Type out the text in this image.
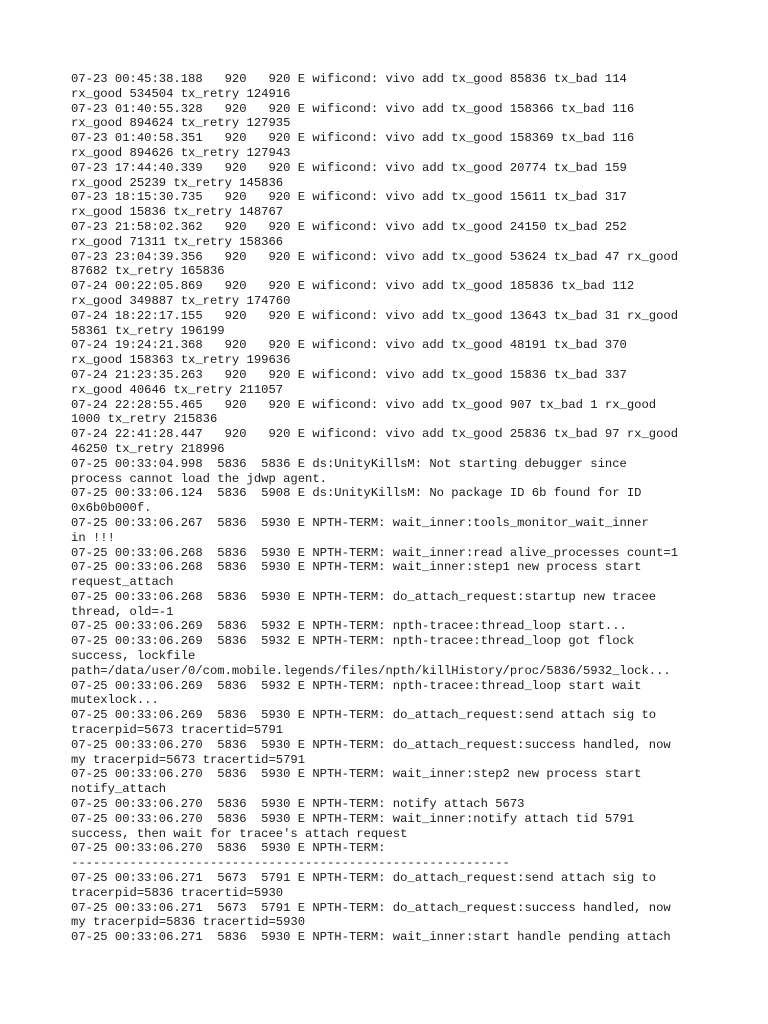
07-23 00:45:38.188   920   920 E wificond: vivo add tx_good 85836 tx_bad 114
rx_good 534504 tx_retry 124916
07-23 01:40:55.328   920   920 E wificond: vivo add tx_good 158366 tx_bad 116
rx_good 894624 tx_retry 127935
07-23 01:40:58.351   920   920 E wificond: vivo add tx_good 158369 tx_bad 116
rx_good 894626 tx_retry 127943
07-23 17:44:40.339   920   920 E wificond: vivo add tx_good 20774 tx_bad 159
rx_good 25239 tx_retry 145836
07-23 18:15:30.735   920   920 E wificond: vivo add tx_good 15611 tx_bad 317
rx_good 15836 tx_retry 148767
07-23 21:58:02.362   920   920 E wificond: vivo add tx_good 24150 tx_bad 252
rx_good 71311 tx_retry 158366
07-23 23:04:39.356   920   920 E wificond: vivo add tx_good 53624 tx_bad 47 rx_good
87682 tx_retry 165836
07-24 00:22:05.869   920   920 E wificond: vivo add tx_good 185836 tx_bad 112
rx_good 349887 tx_retry 174760
07-24 18:22:17.155   920   920 E wificond: vivo add tx_good 13643 tx_bad 31 rx_good
58361 tx_retry 196199
07-24 19:24:21.368   920   920 E wificond: vivo add tx_good 48191 tx_bad 370
rx_good 158363 tx_retry 199636
07-24 21:23:35.263   920   920 E wificond: vivo add tx_good 15836 tx_bad 337
rx_good 40646 tx_retry 211057
07-24 22:28:55.465   920   920 E wificond: vivo add tx_good 907 tx_bad 1 rx_good
1000 tx_retry 215836
07-24 22:41:28.447   920   920 E wificond: vivo add tx_good 25836 tx_bad 97 rx_good
46250 tx_retry 218996
07-25 00:33:04.998  5836  5836 E ds:UnityKillsM: Not starting debugger since
process cannot load the jdwp agent.
07-25 00:33:06.124  5836  5908 E ds:UnityKillsM: No package ID 6b found for ID
0x6b0b000f.
07-25 00:33:06.267  5836  5930 E NPTH-TERM: wait_inner:tools_monitor_wait_inner
in !!!
07-25 00:33:06.268  5836  5930 E NPTH-TERM: wait_inner:read alive_processes count=1
07-25 00:33:06.268  5836  5930 E NPTH-TERM: wait_inner:step1 new process start
request_attach
07-25 00:33:06.268  5836  5930 E NPTH-TERM: do_attach_request:startup new tracee
thread, old=-1
07-25 00:33:06.269  5836  5932 E NPTH-TERM: npth-tracee:thread_loop start...
07-25 00:33:06.269  5836  5932 E NPTH-TERM: npth-tracee:thread_loop got flock
success, lockfile
path=/data/user/0/com.mobile.legends/files/npth/killHistory/proc/5836/5932_lock...
07-25 00:33:06.269  5836  5932 E NPTH-TERM: npth-tracee:thread_loop start wait
mutexlock...
07-25 00:33:06.269  5836  5930 E NPTH-TERM: do_attach_request:send attach sig to
tracerpid=5673 tracertid=5791
07-25 00:33:06.270  5836  5930 E NPTH-TERM: do_attach_request:success handled, now
my tracerpid=5673 tracertid=5791
07-25 00:33:06.270  5836  5930 E NPTH-TERM: wait_inner:step2 new process start
notify_attach
07-25 00:33:06.270  5836  5930 E NPTH-TERM: notify attach 5673
07-25 00:33:06.270  5836  5930 E NPTH-TERM: wait_inner:notify attach tid 5791
success, then wait for tracee's attach request
07-25 00:33:06.270  5836  5930 E NPTH-TERM:
------------------------------------------------------------
07-25 00:33:06.271  5673  5791 E NPTH-TERM: do_attach_request:send attach sig to
tracerpid=5836 tracertid=5930
07-25 00:33:06.271  5673  5791 E NPTH-TERM: do_attach_request:success handled, now
my tracerpid=5836 tracertid=5930
07-25 00:33:06.271  5836  5930 E NPTH-TERM: wait_inner:start handle pending attach
